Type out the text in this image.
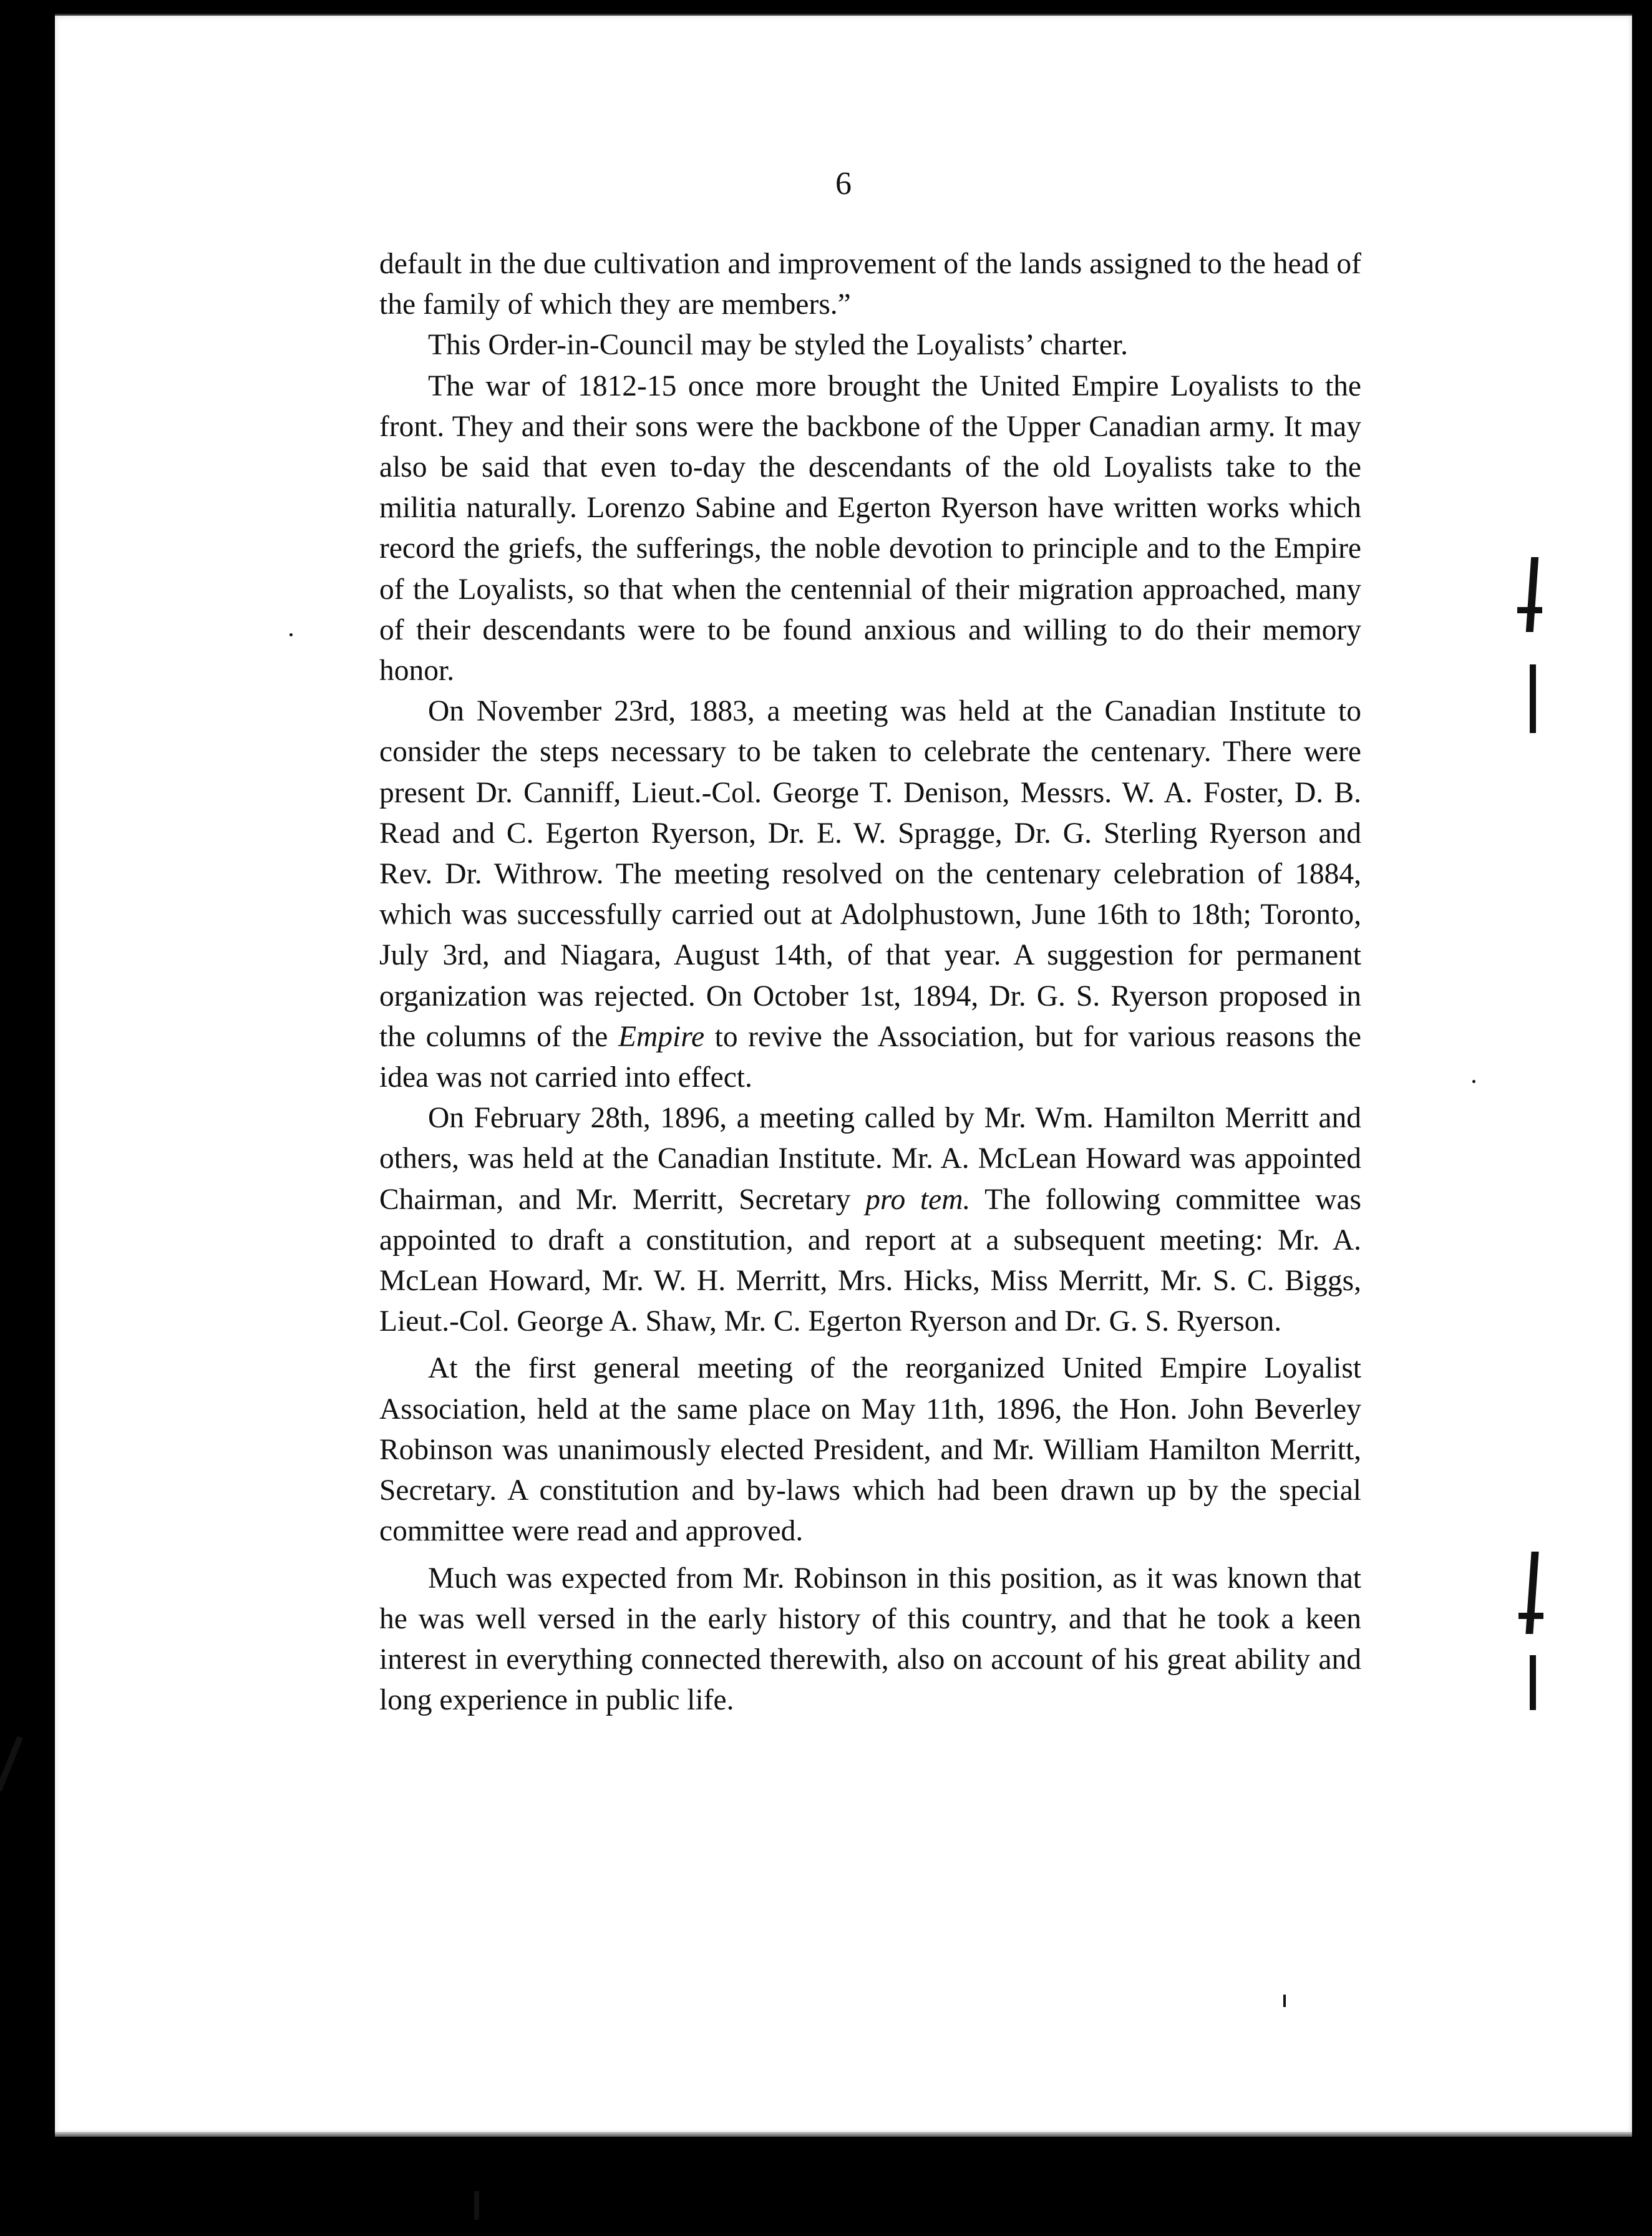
6

default in the due cultivation and improvement of the lands assigned to the head of the family of which they are members.”

This Order-in-Council may be styled the Loyalists’ charter.

The war of 1812-15 once more brought the United Empire Loyalists to the front. They and their sons were the backbone of the Upper Canadian army. It may also be said that even to-day the descendants of the old Loyalists take to the militia naturally. Lorenzo Sabine and Egerton Ryerson have written works which record the griefs, the sufferings, the noble devotion to principle and to the Empire of the Loyalists, so that when the centennial of their migration approached, many of their descendants were to be found anxious and willing to do their memory honor.

On November 23rd, 1883, a meeting was held at the Canadian Institute to consider the steps necessary to be taken to celebrate the centenary. There were present Dr. Canniff, Lieut.-Col. George T. Denison, Messrs. W. A. Foster, D. B. Read and C. Egerton Ryerson, Dr. E. W. Spragge, Dr. G. Sterling Ryerson and Rev. Dr. Withrow. The meeting resolved on the centenary celebration of 1884, which was successfully carried out at Adolphustown, June 16th to 18th; Toronto, July 3rd, and Niagara, August 14th, of that year. A suggestion for permanent organization was rejected. On October 1st, 1894, Dr. G. S. Ryerson proposed in the columns of the Empire to revive the Association, but for various reasons the idea was not carried into effect.

On February 28th, 1896, a meeting called by Mr. Wm. Hamilton Merritt and others, was held at the Canadian Institute. Mr. A. McLean Howard was appointed Chairman, and Mr. Merritt, Secretary pro tem. The following committee was appointed to draft a constitution, and report at a subsequent meeting: Mr. A. McLean Howard, Mr. W. H. Merritt, Mrs. Hicks, Miss Merritt, Mr. S. C. Biggs, Lieut.-Col. George A. Shaw, Mr. C. Egerton Ryerson and Dr. G. S. Ryerson.

At the first general meeting of the reorganized United Empire Loyalist Association, held at the same place on May 11th, 1896, the Hon. John Beverley Robinson was unanimously elected President, and Mr. William Hamilton Merritt, Secretary. A constitution and by-laws which had been drawn up by the special committee were read and approved.

Much was expected from Mr. Robinson in this position, as it was known that he was well versed in the early history of this country, and that he took a keen interest in everything connected therewith, also on account of his great ability and long experience in public life.
